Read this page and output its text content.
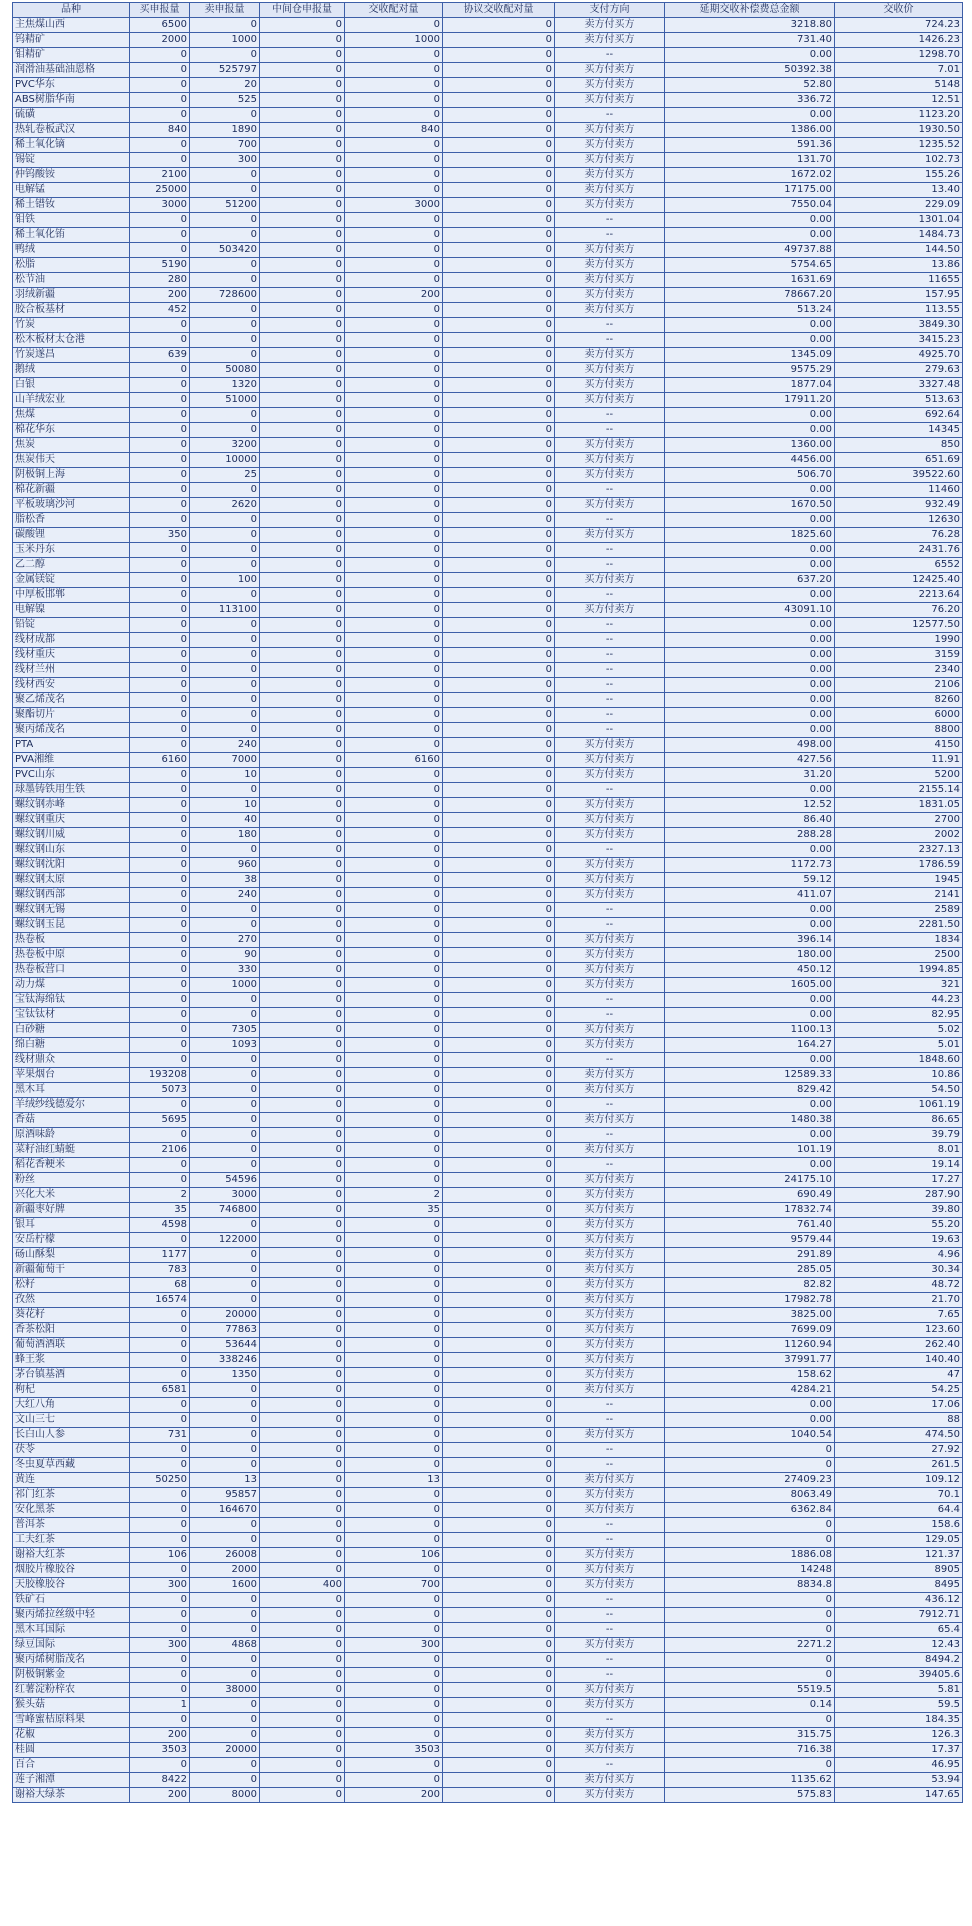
品种	买申报量	卖申报量	中间仓申报量	交收配对量	协议交收配对量	支付方向	延期交收补偿费总金额	交收价
主焦煤山西	6500	0	0	0	0	卖方付买方	3218.80	724.23
钨精矿	2000	1000	0	1000	0	卖方付买方	731.40	1426.23
钼精矿	0	0	0	0	0	--	0.00	1298.70
润滑油基础油恩格	0	525797	0	0	0	买方付卖方	50392.38	7.01
PVC华东	0	20	0	0	0	买方付卖方	52.80	5148
ABS树脂华南	0	525	0	0	0	买方付卖方	336.72	12.51
硫磺	0	0	0	0	0	--	0.00	1123.20
热轧卷板武汉	840	1890	0	840	0	买方付卖方	1386.00	1930.50
稀土氧化镝	0	700	0	0	0	买方付卖方	591.36	1235.52
锡锭	0	300	0	0	0	买方付卖方	131.70	102.73
仲钨酸铵	2100	0	0	0	0	卖方付买方	1672.02	155.26
电解锰	25000	0	0	0	0	卖方付买方	17175.00	13.40
稀土镨钕	3000	51200	0	3000	0	买方付卖方	7550.04	229.09
钼铁	0	0	0	0	0	--	0.00	1301.04
稀土氧化铕	0	0	0	0	0	--	0.00	1484.73
鸭绒	0	503420	0	0	0	买方付卖方	49737.88	144.50
松脂	5190	0	0	0	0	卖方付买方	5754.65	13.86
松节油	280	0	0	0	0	卖方付买方	1631.69	11655
羽绒新疆	200	728600	0	200	0	买方付卖方	78667.20	157.95
胶合板基材	452	0	0	0	0	卖方付买方	513.24	113.55
竹炭	0	0	0	0	0	--	0.00	3849.30
松木板材太仓港	0	0	0	0	0	--	0.00	3415.23
竹炭遂昌	639	0	0	0	0	卖方付买方	1345.09	4925.70
鹅绒	0	50080	0	0	0	买方付卖方	9575.29	279.63
白银	0	1320	0	0	0	买方付卖方	1877.04	3327.48
山羊绒宏业	0	51000	0	0	0	买方付卖方	17911.20	513.63
焦煤	0	0	0	0	0	--	0.00	692.64
棉花华东	0	0	0	0	0	--	0.00	14345
焦炭	0	3200	0	0	0	买方付卖方	1360.00	850
焦炭伟天	0	10000	0	0	0	买方付卖方	4456.00	651.69
阴极铜上海	0	25	0	0	0	买方付卖方	506.70	39522.60
棉花新疆	0	0	0	0	0	--	0.00	11460
平板玻璃沙河	0	2620	0	0	0	买方付卖方	1670.50	932.49
脂松香	0	0	0	0	0	--	0.00	12630
碳酸锂	350	0	0	0	0	卖方付买方	1825.60	76.28
玉米丹东	0	0	0	0	0	--	0.00	2431.76
乙二醇	0	0	0	0	0	--	0.00	6552
金属镁锭	0	100	0	0	0	买方付卖方	637.20	12425.40
中厚板邯郸	0	0	0	0	0	--	0.00	2213.64
电解镍	0	113100	0	0	0	买方付卖方	43091.10	76.20
铅锭	0	0	0	0	0	--	0.00	12577.50
线材成都	0	0	0	0	0	--	0.00	1990
线材重庆	0	0	0	0	0	--	0.00	3159
线材兰州	0	0	0	0	0	--	0.00	2340
线材西安	0	0	0	0	0	--	0.00	2106
聚乙烯茂名	0	0	0	0	0	--	0.00	8260
聚酯切片	0	0	0	0	0	--	0.00	6000
聚丙烯茂名	0	0	0	0	0	--	0.00	8800
PTA	0	240	0	0	0	买方付卖方	498.00	4150
PVA湘维	6160	7000	0	6160	0	买方付卖方	427.56	11.91
PVC山东	0	10	0	0	0	买方付卖方	31.20	5200
球墨铸铁用生铁	0	0	0	0	0	--	0.00	2155.14
螺纹钢赤峰	0	10	0	0	0	买方付卖方	12.52	1831.05
螺纹钢重庆	0	40	0	0	0	买方付卖方	86.40	2700
螺纹钢川威	0	180	0	0	0	买方付卖方	288.28	2002
螺纹钢山东	0	0	0	0	0	--	0.00	2327.13
螺纹钢沈阳	0	960	0	0	0	买方付卖方	1172.73	1786.59
螺纹钢太原	0	38	0	0	0	买方付卖方	59.12	1945
螺纹钢西部	0	240	0	0	0	买方付卖方	411.07	2141
螺纹钢无锡	0	0	0	0	0	--	0.00	2589
螺纹钢玉昆	0	0	0	0	0	--	0.00	2281.50
热卷板	0	270	0	0	0	买方付卖方	396.14	1834
热卷板中原	0	90	0	0	0	买方付卖方	180.00	2500
热卷板营口	0	330	0	0	0	买方付卖方	450.12	1994.85
动力煤	0	1000	0	0	0	买方付卖方	1605.00	321
宝钛海绵钛	0	0	0	0	0	--	0.00	44.23
宝钛钛材	0	0	0	0	0	--	0.00	82.95
白砂糖	0	7305	0	0	0	买方付卖方	1100.13	5.02
绵白糖	0	1093	0	0	0	买方付卖方	164.27	5.01
线材鼎众	0	0	0	0	0	--	0.00	1848.60
苹果烟台	193208	0	0	0	0	卖方付买方	12589.33	10.86
黑木耳	5073	0	0	0	0	卖方付买方	829.42	54.50
羊绒纱线德爱尔	0	0	0	0	0	--	0.00	1061.19
香菇	5695	0	0	0	0	卖方付买方	1480.38	86.65
原酒味龄	0	0	0	0	0	--	0.00	39.79
菜籽油红蜻蜓	2106	0	0	0	0	卖方付买方	101.19	8.01
稻花香粳米	0	0	0	0	0	--	0.00	19.14
粉丝	0	54596	0	0	0	买方付卖方	24175.10	17.27
兴化大米	2	3000	0	2	0	买方付卖方	690.49	287.90
新疆枣好牌	35	746800	0	35	0	买方付卖方	17832.74	39.80
银耳	4598	0	0	0	0	卖方付买方	761.40	55.20
安岳柠檬	0	122000	0	0	0	买方付卖方	9579.44	19.63
砀山酥梨	1177	0	0	0	0	卖方付买方	291.89	4.96
新疆葡萄干	783	0	0	0	0	卖方付买方	285.05	30.34
松籽	68	0	0	0	0	卖方付买方	82.82	48.72
孜然	16574	0	0	0	0	卖方付买方	17982.78	21.70
葵花籽	0	20000	0	0	0	买方付卖方	3825.00	7.65
香茶松阳	0	77863	0	0	0	买方付卖方	7699.09	123.60
葡萄酒酒联	0	53644	0	0	0	买方付卖方	11260.94	262.40
蜂王浆	0	338246	0	0	0	买方付卖方	37991.77	140.40
茅台镇基酒	0	1350	0	0	0	买方付卖方	158.62	47
枸杞	6581	0	0	0	0	卖方付买方	4284.21	54.25
大红八角	0	0	0	0	0	--	0.00	17.06
文山三七	0	0	0	0	0	--	0.00	88
长白山人参	731	0	0	0	0	卖方付买方	1040.54	474.50
茯苓	0	0	0	0	0	--	0	27.92
冬虫夏草西藏	0	0	0	0	0	--	0	261.5
黄连	50250	13	0	13	0	卖方付买方	27409.23	109.12
祁门红茶	0	95857	0	0	0	买方付卖方	8063.49	70.1
安化黑茶	0	164670	0	0	0	买方付卖方	6362.84	64.4
普洱茶	0	0	0	0	0	--	0	158.6
工夫红茶	0	0	0	0	0	--	0	129.05
谢裕大红茶	106	26008	0	106	0	买方付卖方	1886.08	121.37
烟胶片橡胶谷	0	2000	0	0	0	买方付卖方	14248	8905
天胶橡胶谷	300	1600	400	700	0	买方付卖方	8834.8	8495
铁矿石	0	0	0	0	0	--	0	436.12
聚丙烯拉丝级中轻	0	0	0	0	0	--	0	7912.71
黑木耳国际	0	0	0	0	0	--	0	65.4
绿豆国际	300	4868	0	300	0	买方付卖方	2271.2	12.43
聚丙烯树脂茂名	0	0	0	0	0	--	0	8494.2
阴极铜紫金	0	0	0	0	0	--	0	39405.6
红薯淀粉梓农	0	38000	0	0	0	买方付卖方	5519.5	5.81
猴头菇	1	0	0	0	0	卖方付买方	0.14	59.5
雪峰蜜桔原料果	0	0	0	0	0	--	0	184.35
花椒	200	0	0	0	0	卖方付买方	315.75	126.3
桂圆	3503	20000	0	3503	0	买方付卖方	716.38	17.37
百合	0	0	0	0	0	--	0	46.95
莲子湘潭	8422	0	0	0	0	卖方付买方	1135.62	53.94
谢裕大绿茶	200	8000	0	200	0	买方付卖方	575.83	147.65
